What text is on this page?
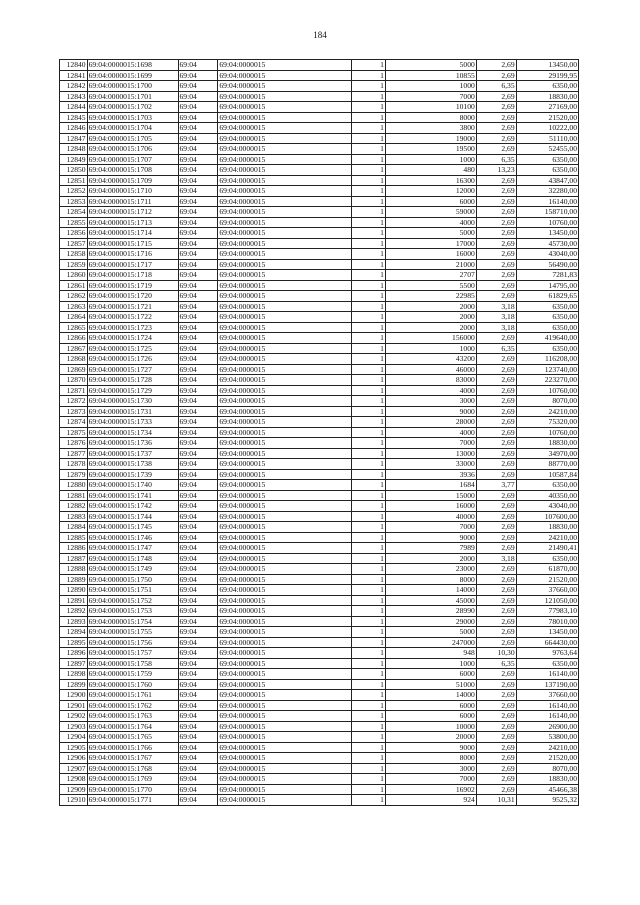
184
12840	69:04:0000015:1698	69:04	69:04:0000015	1	5000	2,69	13450,00
12841	69:04:0000015:1699	69:04	69:04:0000015	1	10855	2,69	29199,95
12842	69:04:0000015:1700	69:04	69:04:0000015	1	1000	6,35	6350,00
12843	69:04:0000015:1701	69:04	69:04:0000015	1	7000	2,69	18830,00
12844	69:04:0000015:1702	69:04	69:04:0000015	1	10100	2,69	27169,00
12845	69:04:0000015:1703	69:04	69:04:0000015	1	8000	2,69	21520,00
12846	69:04:0000015:1704	69:04	69:04:0000015	1	3800	2,69	10222,00
12847	69:04:0000015:1705	69:04	69:04:0000015	1	19000	2,69	51110,00
12848	69:04:0000015:1706	69:04	69:04:0000015	1	19500	2,69	52455,00
12849	69:04:0000015:1707	69:04	69:04:0000015	1	1000	6,35	6350,00
12850	69:04:0000015:1708	69:04	69:04:0000015	1	480	13,23	6350,00
12851	69:04:0000015:1709	69:04	69:04:0000015	1	16300	2,69	43847,00
12852	69:04:0000015:1710	69:04	69:04:0000015	1	12000	2,69	32280,00
12853	69:04:0000015:1711	69:04	69:04:0000015	1	6000	2,69	16140,00
12854	69:04:0000015:1712	69:04	69:04:0000015	1	59000	2,69	158710,00
12855	69:04:0000015:1713	69:04	69:04:0000015	1	4000	2,69	10760,00
12856	69:04:0000015:1714	69:04	69:04:0000015	1	5000	2,69	13450,00
12857	69:04:0000015:1715	69:04	69:04:0000015	1	17000	2,69	45730,00
12858	69:04:0000015:1716	69:04	69:04:0000015	1	16000	2,69	43040,00
12859	69:04:0000015:1717	69:04	69:04:0000015	1	21000	2,69	56490,00
12860	69:04:0000015:1718	69:04	69:04:0000015	1	2707	2,69	7281,83
12861	69:04:0000015:1719	69:04	69:04:0000015	1	5500	2,69	14795,00
12862	69:04:0000015:1720	69:04	69:04:0000015	1	22985	2,69	61829,65
12863	69:04:0000015:1721	69:04	69:04:0000015	1	2000	3,18	6350,00
12864	69:04:0000015:1722	69:04	69:04:0000015	1	2000	3,18	6350,00
12865	69:04:0000015:1723	69:04	69:04:0000015	1	2000	3,18	6350,00
12866	69:04:0000015:1724	69:04	69:04:0000015	1	156000	2,69	419640,00
12867	69:04:0000015:1725	69:04	69:04:0000015	1	1000	6,35	6350,00
12868	69:04:0000015:1726	69:04	69:04:0000015	1	43200	2,69	116208,00
12869	69:04:0000015:1727	69:04	69:04:0000015	1	46000	2,69	123740,00
12870	69:04:0000015:1728	69:04	69:04:0000015	1	83000	2,69	223270,00
12871	69:04:0000015:1729	69:04	69:04:0000015	1	4000	2,69	10760,00
12872	69:04:0000015:1730	69:04	69:04:0000015	1	3000	2,69	8070,00
12873	69:04:0000015:1731	69:04	69:04:0000015	1	9000	2,69	24210,00
12874	69:04:0000015:1733	69:04	69:04:0000015	1	28000	2,69	75320,00
12875	69:04:0000015:1734	69:04	69:04:0000015	1	4000	2,69	10760,00
12876	69:04:0000015:1736	69:04	69:04:0000015	1	7000	2,69	18830,00
12877	69:04:0000015:1737	69:04	69:04:0000015	1	13000	2,69	34970,00
12878	69:04:0000015:1738	69:04	69:04:0000015	1	33000	2,69	88770,00
12879	69:04:0000015:1739	69:04	69:04:0000015	1	3936	2,69	10587,84
12880	69:04:0000015:1740	69:04	69:04:0000015	1	1684	3,77	6350,00
12881	69:04:0000015:1741	69:04	69:04:0000015	1	15000	2,69	40350,00
12882	69:04:0000015:1742	69:04	69:04:0000015	1	16000	2,69	43040,00
12883	69:04:0000015:1744	69:04	69:04:0000015	1	40000	2,69	107600,00
12884	69:04:0000015:1745	69:04	69:04:0000015	1	7000	2,69	18830,00
12885	69:04:0000015:1746	69:04	69:04:0000015	1	9000	2,69	24210,00
12886	69:04:0000015:1747	69:04	69:04:0000015	1	7989	2,69	21490,41
12887	69:04:0000015:1748	69:04	69:04:0000015	1	2000	3,18	6350,00
12888	69:04:0000015:1749	69:04	69:04:0000015	1	23000	2,69	61870,00
12889	69:04:0000015:1750	69:04	69:04:0000015	1	8000	2,69	21520,00
12890	69:04:0000015:1751	69:04	69:04:0000015	1	14000	2,69	37660,00
12891	69:04:0000015:1752	69:04	69:04:0000015	1	45000	2,69	121050,00
12892	69:04:0000015:1753	69:04	69:04:0000015	1	28990	2,69	77983,10
12893	69:04:0000015:1754	69:04	69:04:0000015	1	29000	2,69	78010,00
12894	69:04:0000015:1755	69:04	69:04:0000015	1	5000	2,69	13450,00
12895	69:04:0000015:1756	69:04	69:04:0000015	1	247000	2,69	664430,00
12896	69:04:0000015:1757	69:04	69:04:0000015	1	948	10,30	9763,64
12897	69:04:0000015:1758	69:04	69:04:0000015	1	1000	6,35	6350,00
12898	69:04:0000015:1759	69:04	69:04:0000015	1	6000	2,69	16140,00
12899	69:04:0000015:1760	69:04	69:04:0000015	1	51000	2,69	137190,00
12900	69:04:0000015:1761	69:04	69:04:0000015	1	14000	2,69	37660,00
12901	69:04:0000015:1762	69:04	69:04:0000015	1	6000	2,69	16140,00
12902	69:04:0000015:1763	69:04	69:04:0000015	1	6000	2,69	16140,00
12903	69:04:0000015:1764	69:04	69:04:0000015	1	10000	2,69	26900,00
12904	69:04:0000015:1765	69:04	69:04:0000015	1	20000	2,69	53800,00
12905	69:04:0000015:1766	69:04	69:04:0000015	1	9000	2,69	24210,00
12906	69:04:0000015:1767	69:04	69:04:0000015	1	8000	2,69	21520,00
12907	69:04:0000015:1768	69:04	69:04:0000015	1	3000	2,69	8070,00
12908	69:04:0000015:1769	69:04	69:04:0000015	1	7000	2,69	18830,00
12909	69:04:0000015:1770	69:04	69:04:0000015	1	16902	2,69	45466,38
12910	69:04:0000015:1771	69:04	69:04:0000015	1	924	10,31	9525,32
